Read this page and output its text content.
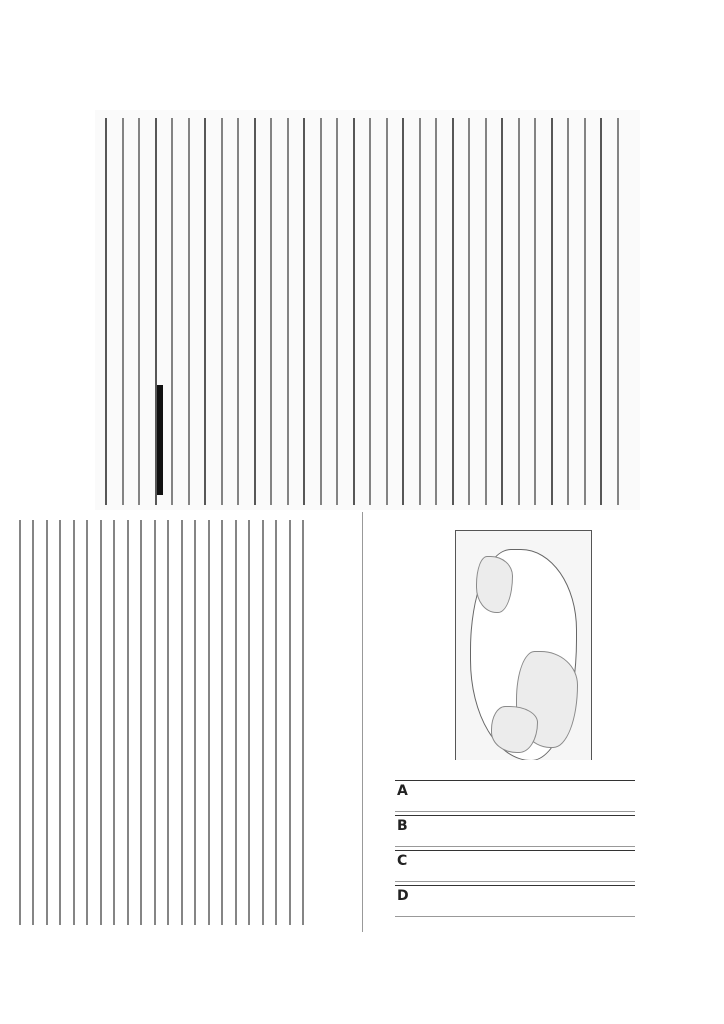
A
B
C
D
